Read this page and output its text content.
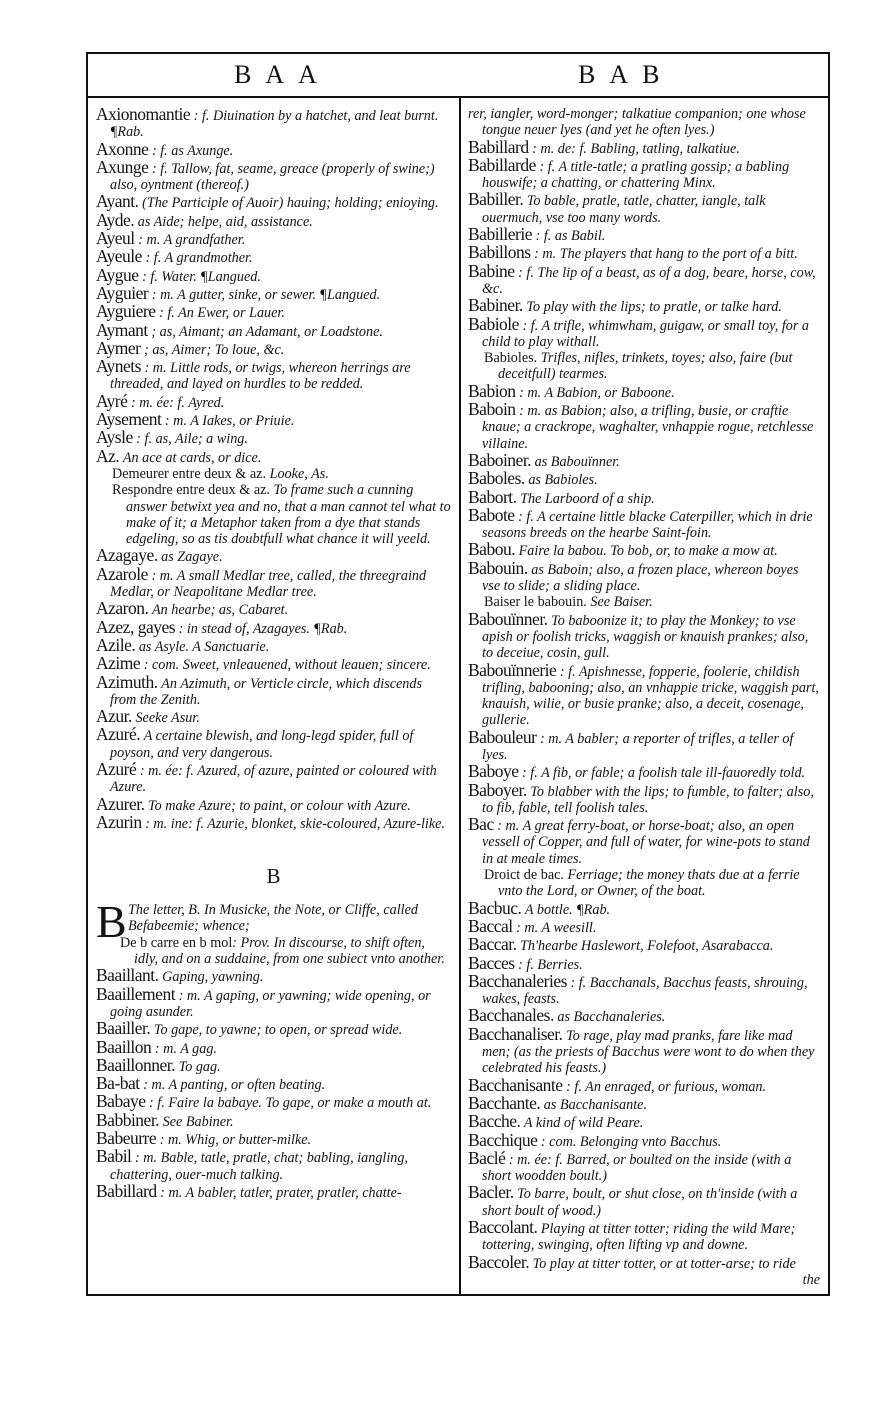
BAA	BAB

Axionomantie : f. Diuination by a hatchet, and leat burnt. ¶Rab.

Axonne : f. as Axunge.

Axunge : f. Tallow, fat, seame, greace (properly of swine;) also, oyntment (thereof.)

Ayant. (The Participle of Auoir) hauing; holding; enioying.

Ayde. as Aide; helpe, aid, assistance.

Ayeul : m. A grandfather.

Ayeule : f. A grandmother.

Aygue : f. Water. ¶Langued.

Ayguier : m. A gutter, sinke, or sewer. ¶Langued.

Ayguiere : f. An Ewer, or Lauer.

Aymant ; as, Aimant; an Adamant, or Loadstone.

Aymer ; as, Aimer; To loue, &c.

Aynets : m. Little rods, or twigs, whereon herrings are threaded, and layed on hurdles to be redded.

Ayré : m. ée: f. Ayred.

Aysement : m. A Iakes, or Priuie.

Aysle : f. as, Aile; a wing.

Az. An ace at cards, or dice.

Demeurer entre deux & az. Looke, As.

Respondre entre deux & az. To frame such a cunning answer betwixt yea and no, that a man cannot tel what to make of it; a Metaphor taken from a dye that stands edgeling, so as tis doubtfull what chance it will yeeld.

Azagaye. as Zagaye.

Azarole : m. A small Medlar tree, called, the threegraind Medlar, or Neapolitane Medlar tree.

Azaron. An hearbe; as, Cabaret.

Azez, gayes : in stead of, Azagayes. ¶Rab.

Azile. as Asyle. A Sanctuarie.

Azime : com. Sweet, vnleauened, without leauen; sincere.

Azimuth. An Azimuth, or Verticle circle, which discends from the Zenith.

Azur. Seeke Asur.

Azuré. A certaine blewish, and long-legd spider, full of poyson, and very dangerous.

Azuré : m. ée: f. Azured, of azure, painted or coloured with Azure.

Azurer. To make Azure; to paint, or colour with Azure.

Azurin : m. ine: f. Azurie, blonket, skie-coloured, Azure-like.

B
B The letter, B. In Musicke, the Note, or Cliffe, called Befabeemie; whence;

De b carre en b mol: Prov. In discourse, to shift often, idly, and on a suddaine, from one subiect vnto another.

Baaillant. Gaping, yawning.

Baaillement : m. A gaping, or yawning; wide opening, or going asunder.

Baailler. To gape, to yawne; to open, or spread wide.

Baaillon : m. A gag.

Baaillonner. To gag.

Ba-bat : m. A panting, or often beating.

Babaye : f. Faire la babaye. To gape, or make a mouth at.

Babbiner. See Babiner.

Babeurre : m. Whig, or butter-milke.

Babil : m. Bable, tatle, pratle, chat; babling, iangling, chattering, ouer-much talking.

Babillard : m. A babler, tatler, prater, pratler, chatte-

rer, iangler, word-monger; talkatiue companion; one whose tongue neuer lyes (and yet he often lyes.)

Babillard : m. de: f. Babling, tatling, talkatiue.

Babillarde : f. A title-tatle; a pratling gossip; a babling houswife; a chatting, or chattering Minx.

Babiller. To bable, pratle, tatle, chatter, iangle, talk ouermuch, vse too many words.

Babillerie : f. as Babil.

Babillons : m. The players that hang to the port of a bitt.

Babine : f. The lip of a beast, as of a dog, beare, horse, cow, &c.

Babiner. To play with the lips; to pratle, or talke hard.

Babiole : f. A trifle, whimwham, guigaw, or small toy, for a child to play withall.

Babioles. Trifles, nifles, trinkets, toyes; also, faire (but deceitfull) tearmes.

Babion : m. A Babion, or Baboone.

Baboin : m. as Babion; also, a trifling, busie, or craftie knaue; a crackrope, waghalter, vnhappie rogue, retchlesse villaine.

Baboiner. as Babouïnner.

Baboles. as Babioles.

Babort. The Larboord of a ship.

Babote : f. A certaine little blacke Caterpiller, which in drie seasons breeds on the hearbe Saint-foin.

Babou. Faire la babou. To bob, or, to make a mow at.

Babouin. as Baboin; also, a frozen place, whereon boyes vse to slide; a sliding place.

Baiser le babouin. See Baiser.

Babouïnner. To baboonize it; to play the Monkey; to vse apish or foolish tricks, waggish or knauish prankes; also, to deceiue, cosin, gull.

Babouïnnerie : f. Apishnesse, fopperie, foolerie, childish trifling, babooning; also, an vnhappie tricke, waggish part, knauish, wilie, or busie pranke; also, a deceit, cosenage, gullerie.

Babouleur : m. A babler; a reporter of trifles, a teller of lyes.

Baboye : f. A fib, or fable; a foolish tale ill-fauoredly told.

Baboyer. To blabber with the lips; to fumble, to falter; also, to fib, fable, tell foolish tales.

Bac : m. A great ferry-boat, or horse-boat; also, an open vessell of Copper, and full of water, for wine-pots to stand in at meale times.

Droict de bac. Ferriage; the money thats due at a ferrie vnto the Lord, or Owner, of the boat.

Bacbuc. A bottle. ¶Rab.

Baccal : m. A weesill.

Baccar. Th'hearbe Haslewort, Folefoot, Asarabacca.

Bacces : f. Berries.

Bacchanaleries : f. Bacchanals, Bacchus feasts, shrouing, wakes, feasts.

Bacchanales. as Bacchanaleries.

Bacchanaliser. To rage, play mad pranks, fare like mad men; (as the priests of Bacchus were wont to do when they celebrated his feasts.)

Bacchanisante : f. An enraged, or furious, woman.

Bacchante. as Bacchanisante.

Bacche. A kind of wild Peare.

Bacchique : com. Belonging vnto Bacchus.

Baclé : m. ée: f. Barred, or boulted on the inside (with a short woodden boult.)

Bacler. To barre, boult, or shut close, on th'inside (with a short boult of wood.)

Baccolant. Playing at titter totter; riding the wild Mare; tottering, swinging, often lifting vp and downe.

Baccoler. To play at titter totter, or at totter-arse; to ride

the
